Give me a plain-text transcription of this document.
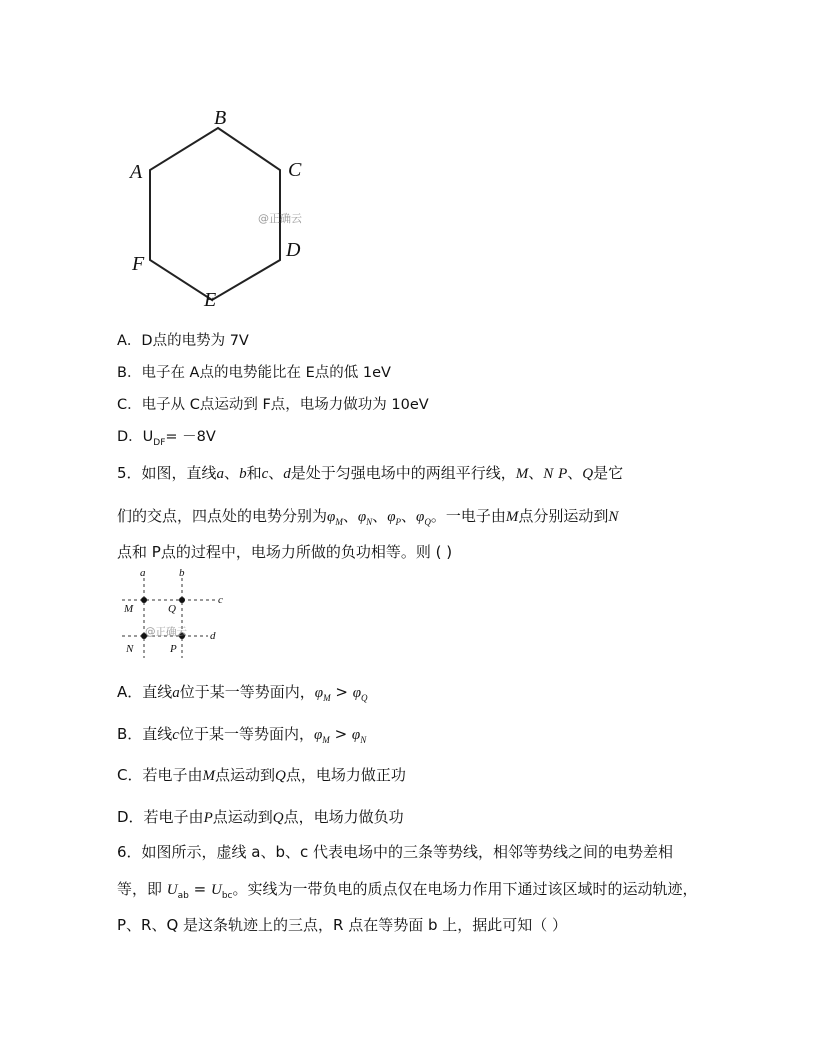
B
A	C
D
F
E
@正确云
A．D点的电势为 7V
B．电子在 A点的电势能比在 E点的低 1eV
C．电子从 C点运动到 F点，电场力做功为 10eV
D．$U_{DF}= -8V$
5．如图，直线a、b和c、d是处于匀强电场中的两组平行线，M、N P、Q是它
们的交点，四点处的电势分别为$\varphi_M$、$\varphi_N$、$\varphi_P$、$\varphi_Q$。一电子由M点分别运动到N
点和 P点的过程中，电场力所做的负功相等。则 ( )
a	b
c
d
M	Q
N	P
@正确云
A．直线a位于某一等势面内，$\varphi_M > \varphi_Q$
B．直线c位于某一等势面内，$\varphi_M > \varphi_N$
C．若电子由M点运动到Q点，电场力做正功
D．若电子由P点运动到Q点，电场力做负功
6．如图所示，虚线 a、b、c 代表电场中的三条等势线，相邻等势线之间的电势差相
等，即 $U_{ab} = U_{bc}$。实线为一带负电的质点仅在电场力作用下通过该区域时的运动轨迹，
P、R、Q 是这条轨迹上的三点，R 点在等势面 b 上，据此可知（ ）
